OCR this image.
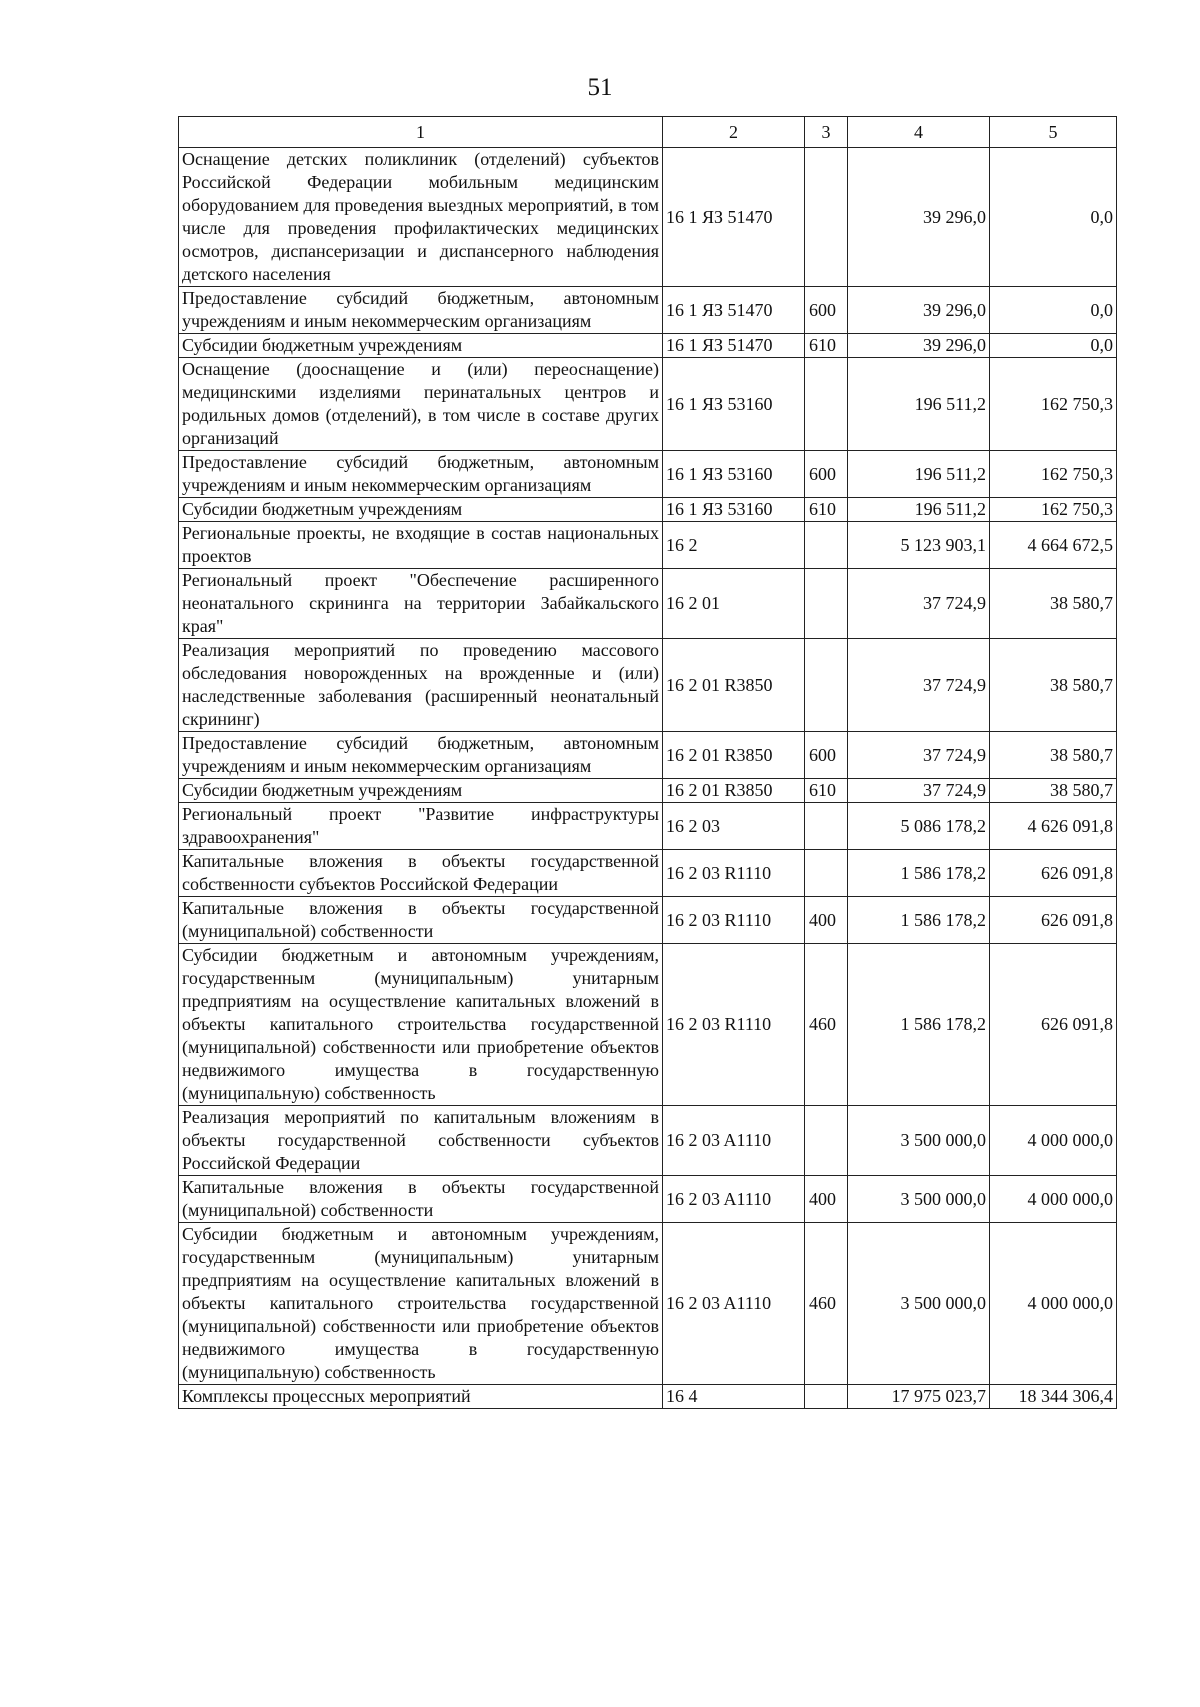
51
1	2	3	4	5
Оснащение детских поликлиник (отделений) субъектов Российской Федерации мобильным медицинским оборудованием для проведения выездных мероприятий, в том числе для проведения профилактических медицинских осмотров, диспансеризации и диспансерного наблюдения детского населения	16 1 ЯЗ 51470		39 296,0	0,0
Предоставление субсидий бюджетным, автономным учреждениям и иным некоммерческим организациям	16 1 ЯЗ 51470	600	39 296,0	0,0
Субсидии бюджетным учреждениям	16 1 ЯЗ 51470	610	39 296,0	0,0
Оснащение (дооснащение и (или) переоснащение) медицинскими изделиями перинатальных центров и родильных домов (отделений), в том числе в составе других организаций	16 1 ЯЗ 53160		196 511,2	162 750,3
Предоставление субсидий бюджетным, автономным учреждениям и иным некоммерческим организациям	16 1 ЯЗ 53160	600	196 511,2	162 750,3
Субсидии бюджетным учреждениям	16 1 ЯЗ 53160	610	196 511,2	162 750,3
Региональные проекты, не входящие в состав национальных проектов	16 2		5 123 903,1	4 664 672,5
Региональный проект "Обеспечение расширенного неонатального скрининга на территории Забайкальского края"	16 2 01		37 724,9	38 580,7
Реализация мероприятий по проведению массового обследования новорожденных на врожденные и (или) наследственные заболевания (расширенный неонатальный скрининг)	16 2 01 R3850		37 724,9	38 580,7
Предоставление субсидий бюджетным, автономным учреждениям и иным некоммерческим организациям	16 2 01 R3850	600	37 724,9	38 580,7
Субсидии бюджетным учреждениям	16 2 01 R3850	610	37 724,9	38 580,7
Региональный проект "Развитие инфраструктуры здравоохранения"	16 2 03		5 086 178,2	4 626 091,8
Капитальные вложения в объекты государственной собственности субъектов Российской Федерации	16 2 03 R1110		1 586 178,2	626 091,8
Капитальные вложения в объекты государственной (муниципальной) собственности	16 2 03 R1110	400	1 586 178,2	626 091,8
Субсидии бюджетным и автономным учреждениям, государственным (муниципальным) унитарным предприятиям на осуществление капитальных вложений в объекты капитального строительства государственной (муниципальной) собственности или приобретение объектов недвижимого имущества в государственную (муниципальную) собственность	16 2 03 R1110	460	1 586 178,2	626 091,8
Реализация мероприятий по капитальным вложениям в объекты государственной собственности субъектов Российской Федерации	16 2 03 A1110		3 500 000,0	4 000 000,0
Капитальные вложения в объекты государственной (муниципальной) собственности	16 2 03 A1110	400	3 500 000,0	4 000 000,0
Субсидии бюджетным и автономным учреждениям, государственным (муниципальным) унитарным предприятиям на осуществление капитальных вложений в объекты капитального строительства государственной (муниципальной) собственности или приобретение объектов недвижимого имущества в государственную (муниципальную) собственность	16 2 03 A1110	460	3 500 000,0	4 000 000,0
Комплексы процессных мероприятий	16 4		17 975 023,7	18 344 306,4
